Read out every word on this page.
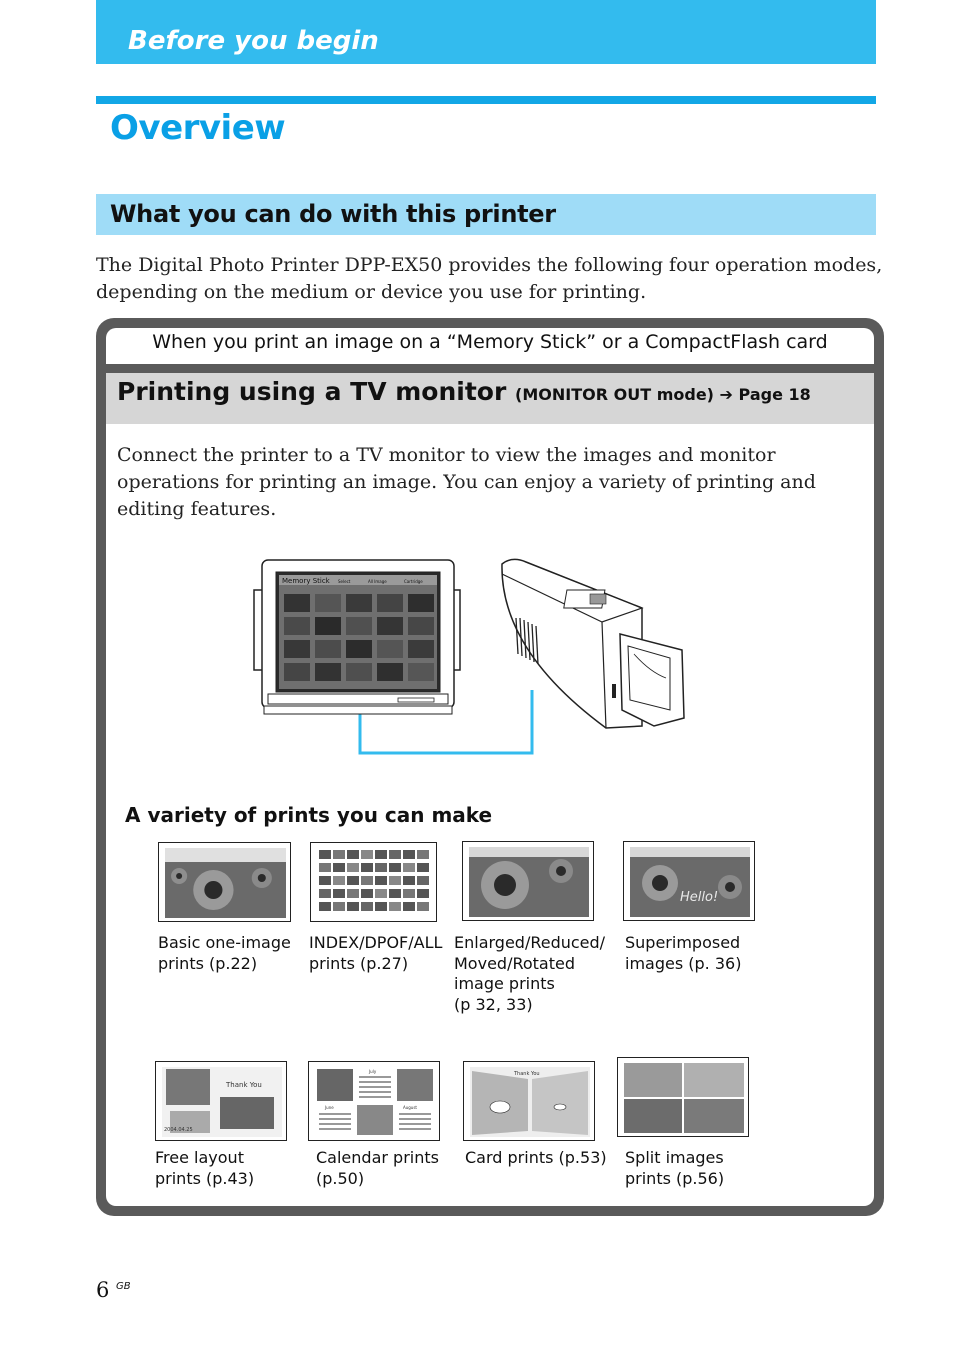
Before you begin
Overview
What you can do with this printer
The Digital Photo Printer DPP-EX50 provides the following four operation modes, depending on the medium or device you use for printing.
When you print an image on a “Memory Stick” or a CompactFlash card
Printing using a TV monitor (MONITOR OUT mode) ➔ Page 18
Connect the printer to a TV monitor to view the images and monitor operations for printing an image. You can enjoy a variety of printing and editing features.
Memory Stick Select	All Image	Cartridge
A variety of prints you can make
Hello!
Basic one-image
prints (p.22)
INDEX/DPOF/ALL
prints (p.27)
Enlarged/Reduced/
Moved/Rotated
image prints
(p 32, 33)
Superimposed
images (p. 36)
Thank You
2004.04.25
July
June	August
Thank You
Free layout
prints (p.43)
Calendar prints
(p.50)
Card prints (p.53) Split images
prints (p.56)
6 GB
